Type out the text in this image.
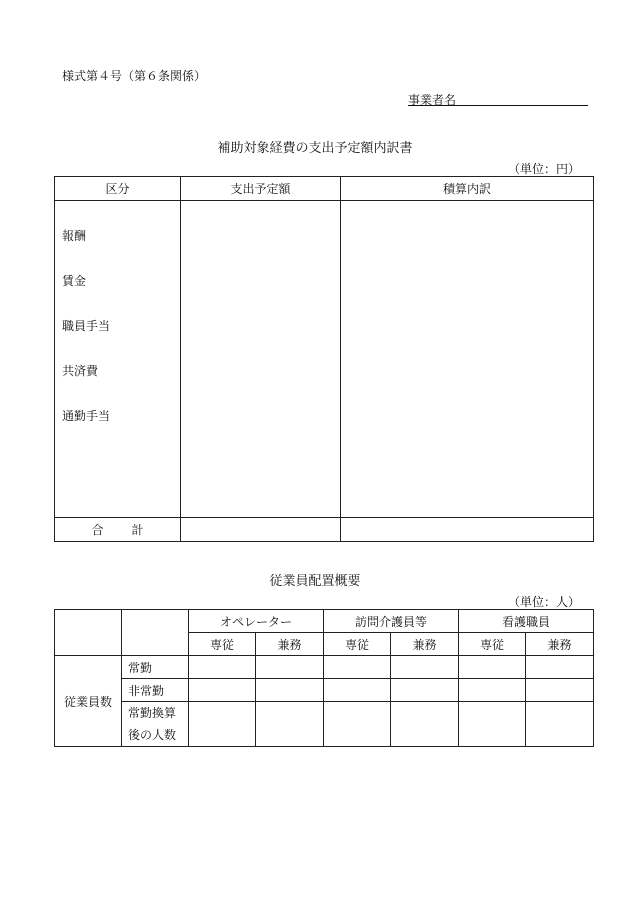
様式第４号（第６条関係）
事業者名
補助対象経費の支出予定額内訳書
（単位：円）
区分	支出予定額	積算内訳

報酬
賃金
職員手当
共済費
通勤手当		

合 計		
従業員配置概要
（単位：人）
		オペレーター		訪問介護員等		看護職員	
		専従	兼務	専従	兼務	専従	兼務
従業員数	常勤						
	非常勤						
	常勤換算
後の人数						
